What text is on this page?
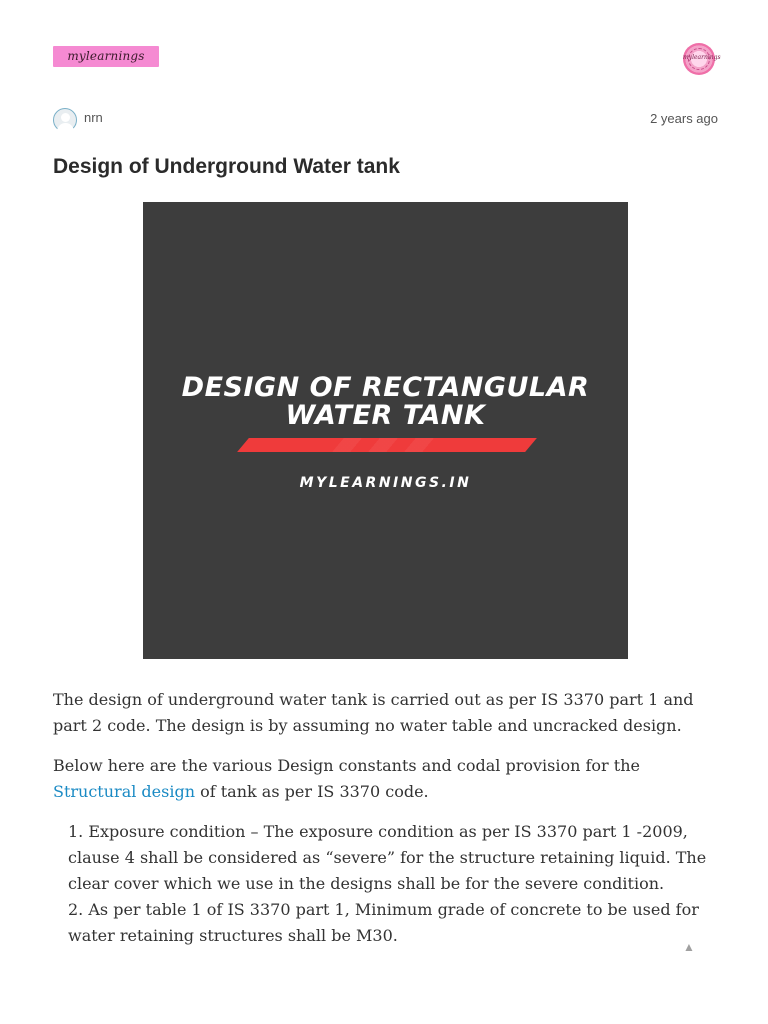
mylearnings	mylearnings
nrn	2 years ago
Design of Underground Water tank
DESIGN OF RECTANGULAR
WATER TANK
MYLEARNINGS.IN

The design of underground water tank is carried out as per IS 3370 part 1 and part 2 code. The design is by assuming no water table and uncracked design.

Below here are the various Design constants and codal provision for the Structural design of tank as per IS 3370 code.

1. Exposure condition – The exposure condition as per IS 3370 part 1 -2009, clause 4 shall be considered as “severe” for the structure retaining liquid. The clear cover which we use in the designs shall be for the severe condition.
2. As per table 1 of IS 3370 part 1, Minimum grade of concrete to be used for water retaining structures shall be M30.
▲
